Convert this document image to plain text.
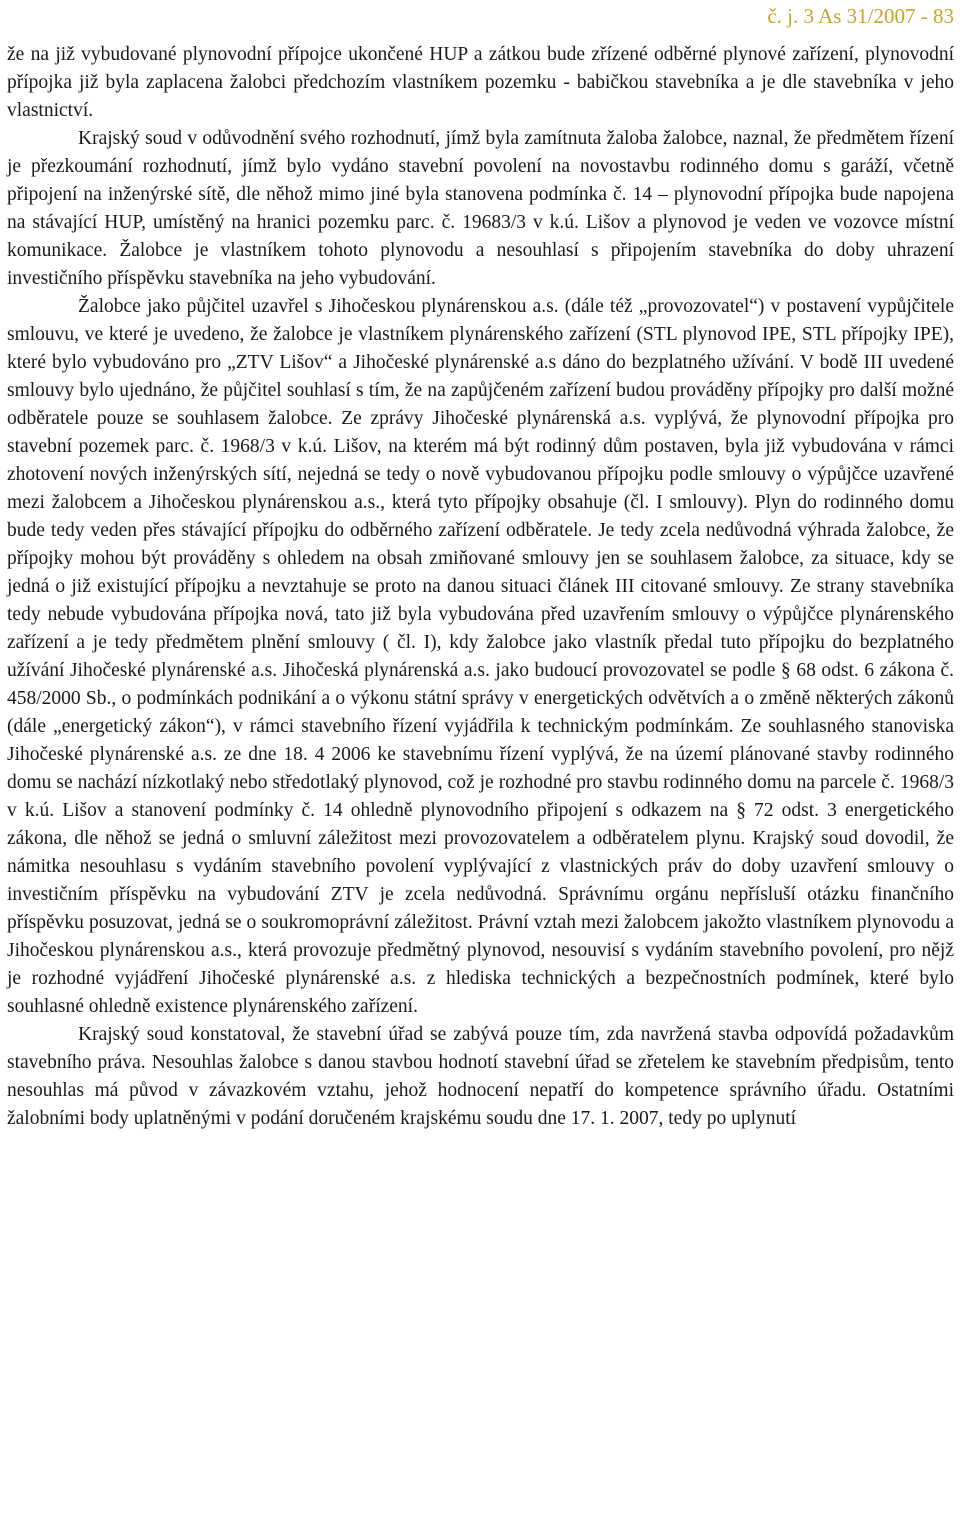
č. j. 3 As 31/2007 - 83

že na již vybudované plynovodní přípojce ukončené HUP a zátkou bude zřízené odběrné plynové zařízení, plynovodní přípojka již byla zaplacena žalobci předchozím vlastníkem pozemku - babičkou stavebníka a je dle stavebníka v jeho vlastnictví.

Krajský soud v odůvodnění svého rozhodnutí, jímž byla zamítnuta žaloba žalobce, naznal, že předmětem řízení je přezkoumání rozhodnutí, jímž bylo vydáno stavební povolení na novostavbu rodinného domu s garáží, včetně připojení na inženýrské sítě, dle něhož mimo jiné byla stanovena podmínka č. 14 – plynovodní přípojka bude napojena na stávající HUP, umístěný na hranici pozemku parc. č. 19683/3 v k.ú. Lišov a plynovod je veden ve vozovce místní komunikace. Žalobce je vlastníkem tohoto plynovodu a nesouhlasí s připojením stavebníka do doby uhrazení investičního příspěvku stavebníka na jeho vybudování.

Žalobce jako půjčitel uzavřel s Jihočeskou plynárenskou a.s. (dále též „provozovatel“) v postavení vypůjčitele smlouvu, ve které je uvedeno, že žalobce je vlastníkem plynárenského zařízení (STL plynovod IPE, STL přípojky IPE), které bylo vybudováno pro „ZTV Lišov“ a Jihočeské plynárenské a.s dáno do bezplatného užívání. V bodě III uvedené smlouvy bylo ujednáno, že půjčitel souhlasí s tím, že na zapůjčeném zařízení budou prováděny přípojky pro další možné odběratele pouze se souhlasem žalobce. Ze zprávy Jihočeské plynárenská a.s. vyplývá, že plynovodní přípojka pro stavební pozemek parc. č. 1968/3 v k.ú. Lišov, na kterém má být rodinný dům postaven, byla již vybudována v rámci zhotovení nových inženýrských sítí, nejedná se tedy o nově vybudovanou přípojku podle smlouvy o výpůjčce uzavřené mezi žalobcem a Jihočeskou plynárenskou a.s., která tyto přípojky obsahuje (čl. I smlouvy). Plyn do rodinného domu bude tedy veden přes stávající přípojku do odběrného zařízení odběratele. Je tedy zcela nedůvodná výhrada žalobce, že přípojky mohou být prováděny s ohledem na obsah zmiňované smlouvy jen se souhlasem žalobce, za situace, kdy se jedná o již existující přípojku a nevztahuje se proto na danou situaci článek III citované smlouvy. Ze strany stavebníka tedy nebude vybudována přípojka nová, tato již byla vybudována před uzavřením smlouvy o výpůjčce plynárenského zařízení a je tedy předmětem plnění smlouvy ( čl. I), kdy žalobce jako vlastník předal tuto přípojku do bezplatného užívání Jihočeské plynárenské a.s. Jihočeská plynárenská a.s. jako budoucí provozovatel se podle § 68 odst. 6 zákona č. 458/2000 Sb., o podmínkách podnikání a o výkonu státní správy v energetických odvětvích a o změně některých zákonů (dále „energetický zákon“), v rámci stavebního řízení vyjádřila k technickým podmínkám. Ze souhlasného stanoviska Jihočeské plynárenské a.s. ze dne 18. 4 2006 ke stavebnímu řízení vyplývá, že na území plánované stavby rodinného domu se nachází nízkotlaký nebo středotlaký plynovod, což je rozhodné pro stavbu rodinného domu na parcele č. 1968/3 v k.ú. Lišov a stanovení podmínky č. 14 ohledně plynovodního připojení s odkazem na § 72 odst. 3 energetického zákona, dle něhož se jedná o smluvní záležitost mezi provozovatelem a odběratelem plynu. Krajský soud dovodil, že námitka nesouhlasu s vydáním stavebního povolení vyplývající z vlastnických práv do doby uzavření smlouvy o investičním příspěvku na vybudování ZTV je zcela nedůvodná. Správnímu orgánu nepřísluší otázku finančního příspěvku posuzovat, jedná se o soukromoprávní záležitost. Právní vztah mezi žalobcem jakožto vlastníkem plynovodu a Jihočeskou plynárenskou a.s., která provozuje předmětný plynovod, nesouvisí s vydáním stavebního povolení, pro nějž je rozhodné vyjádření Jihočeské plynárenské a.s. z hlediska technických a bezpečnostních podmínek, které bylo souhlasné ohledně existence plynárenského zařízení.

Krajský soud konstatoval, že stavební úřad se zabývá pouze tím, zda navržená stavba odpovídá požadavkům stavebního práva. Nesouhlas žalobce s danou stavbou hodnotí stavební úřad se zřetelem ke stavebním předpisům, tento nesouhlas má původ v závazkovém vztahu, jehož hodnocení nepatří do kompetence správního úřadu. Ostatními žalobními body uplatněnými v podání doručeném krajskému soudu dne 17. 1. 2007, tedy po uplynutí
